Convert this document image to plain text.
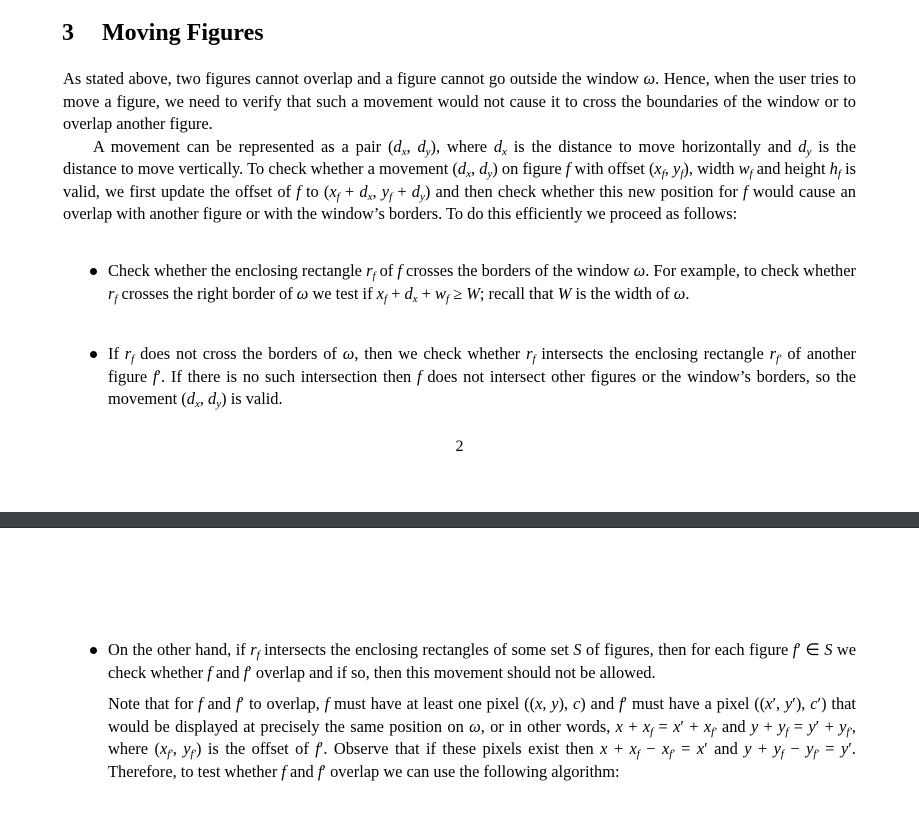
3 Moving Figures

As stated above, two figures cannot overlap and a figure cannot go outside the window ω. Hence, when the user tries to move a figure, we need to verify that such a movement would not cause it to cross the boundaries of the window or to overlap another figure.

A movement can be represented as a pair ($d_x$, $d_y$), where $d_x$ is the distance to move horizontally and $d_y$ is the distance to move vertically. To check whether a movement ($d_x$, $d_y$) on figure f with offset ($x_f$, $y_f$), width $w_f$ and height $h_f$ is valid, we first update the offset of f to ($x_f + d_x$, $y_f + d_y$) and then check whether this new position for f would cause an overlap with another figure or with the window’s borders. To do this efficiently we proceed as follows:

Check whether the enclosing rectangle $r_f$ of f crosses the borders of the window ω. For example, to check whether $r_f$ crosses the right border of ω we test if $x_f + d_x + w_f \ge W$; recall that W is the width of ω.

If $r_f$ does not cross the borders of ω, then we check whether $r_f$ intersects the enclosing rectangle $r_{f'}$ of another figure f′. If there is no such intersection then f does not intersect other figures or the window’s borders, so the movement ($d_x$, $d_y$) is valid.

2

On the other hand, if $r_f$ intersects the enclosing rectangles of some set S of figures, then for each figure f′ ∈ S we check whether f and f′ overlap and if so, then this movement should not be allowed.

Note that for f and f′ to overlap, f must have at least one pixel ((x, y), c) and f′ must have a pixel ((x′, y′), c′) that would be displayed at precisely the same position on ω, or in other words, $x + x_f = x' + x_{f'}$ and $y + y_f = y' + y_{f'}$, where ($x_{f'}$, $y_{f'}$) is the offset of f′. Observe that if these pixels exist then $x + x_f - x_{f'} = x'$ and $y + y_f - y_{f'} = y'$. Therefore, to test whether f and f′ overlap we can use the following algorithm:
